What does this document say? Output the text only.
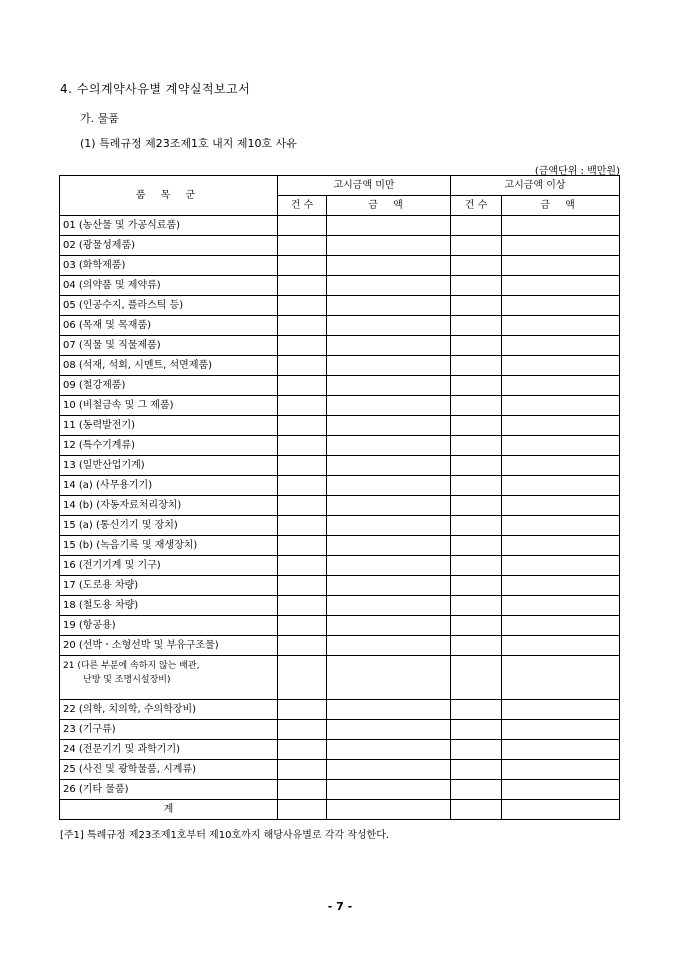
4. 수의계약사유별 계약실적보고서
가. 물품
(1) 특례규정 제23조제1호 내지 제10호 사유
(금액단위 : 백만원)
품 목 군	고시금액 미만		고시금액 이상	
	건 수	금 액	건 수	금 액
01 (농산물 및 가공식료품)				
02 (광물성제품)				
03 (화학제품)				
04 (의약품 및 제약류)				
05 (인공수지, 플라스틱 등)				
06 (목재 및 목재품)				
07 (직물 및 직물제품)				
08 (석재, 석회, 시멘트, 석면제품)				
09 (철강제품)				
10 (비철금속 및 그 제품)				
11 (동력발전기)				
12 (특수기계류)				
13 (일반산업기계)				
14 (a) (사무용기기)				
14 (b) (자동자료처리장치)				
15 (a) (통신기기 및 장치)				
15 (b) (녹음기록 및 재생장치)				
16 (전기기계 및 기구)				
17 (도로용 차량)				
18 (철도용 차량)				
19 (항공용)				
20 (선박ㆍ소형선박 및 부유구조물)				

21 (다른 부분에 속하지 않는 배관,
난방 및 조명시설장비)				

22 (의학, 치의학, 수의학장비)				
23 (기구류)				
24 (전문기기 및 과학기기)				
25 (사진 및 광학물품, 시계류)				
26 (기타 물품)				
계				
[주1] 특례규정 제23조제1호부터 제10호까지 해당사유별로 각각 작성한다.
- 7 -
